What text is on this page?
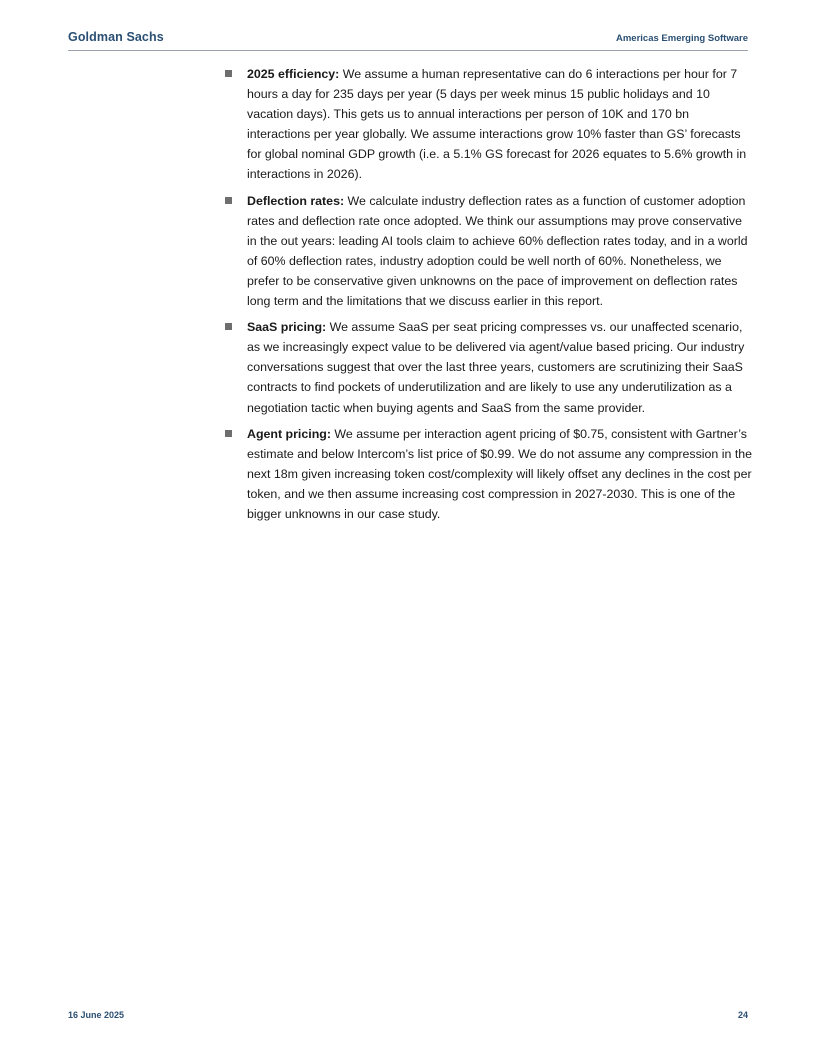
Goldman Sachs	Americas Emerging Software
2025 efficiency: We assume a human representative can do 6 interactions per hour for 7 hours a day for 235 days per year (5 days per week minus 15 public holidays and 10 vacation days). This gets us to annual interactions per person of 10K and 170 bn interactions per year globally. We assume interactions grow 10% faster than GS’ forecasts for global nominal GDP growth (i.e. a 5.1% GS forecast for 2026 equates to 5.6% growth in interactions in 2026).
Deflection rates: We calculate industry deflection rates as a function of customer adoption rates and deflection rate once adopted. We think our assumptions may prove conservative in the out years: leading AI tools claim to achieve 60% deflection rates today, and in a world of 60% deflection rates, industry adoption could be well north of 60%. Nonetheless, we prefer to be conservative given unknowns on the pace of improvement on deflection rates long term and the limitations that we discuss earlier in this report.
SaaS pricing: We assume SaaS per seat pricing compresses vs. our unaffected scenario, as we increasingly expect value to be delivered via agent/value based pricing. Our industry conversations suggest that over the last three years, customers are scrutinizing their SaaS contracts to find pockets of underutilization and are likely to use any underutilization as a negotiation tactic when buying agents and SaaS from the same provider.
Agent pricing: We assume per interaction agent pricing of $0.75, consistent with Gartner’s estimate and below Intercom’s list price of $0.99. We do not assume any compression in the next 18m given increasing token cost/complexity will likely offset any declines in the cost per token, and we then assume increasing cost compression in 2027-2030. This is one of the bigger unknowns in our case study.
16 June 2025	24
